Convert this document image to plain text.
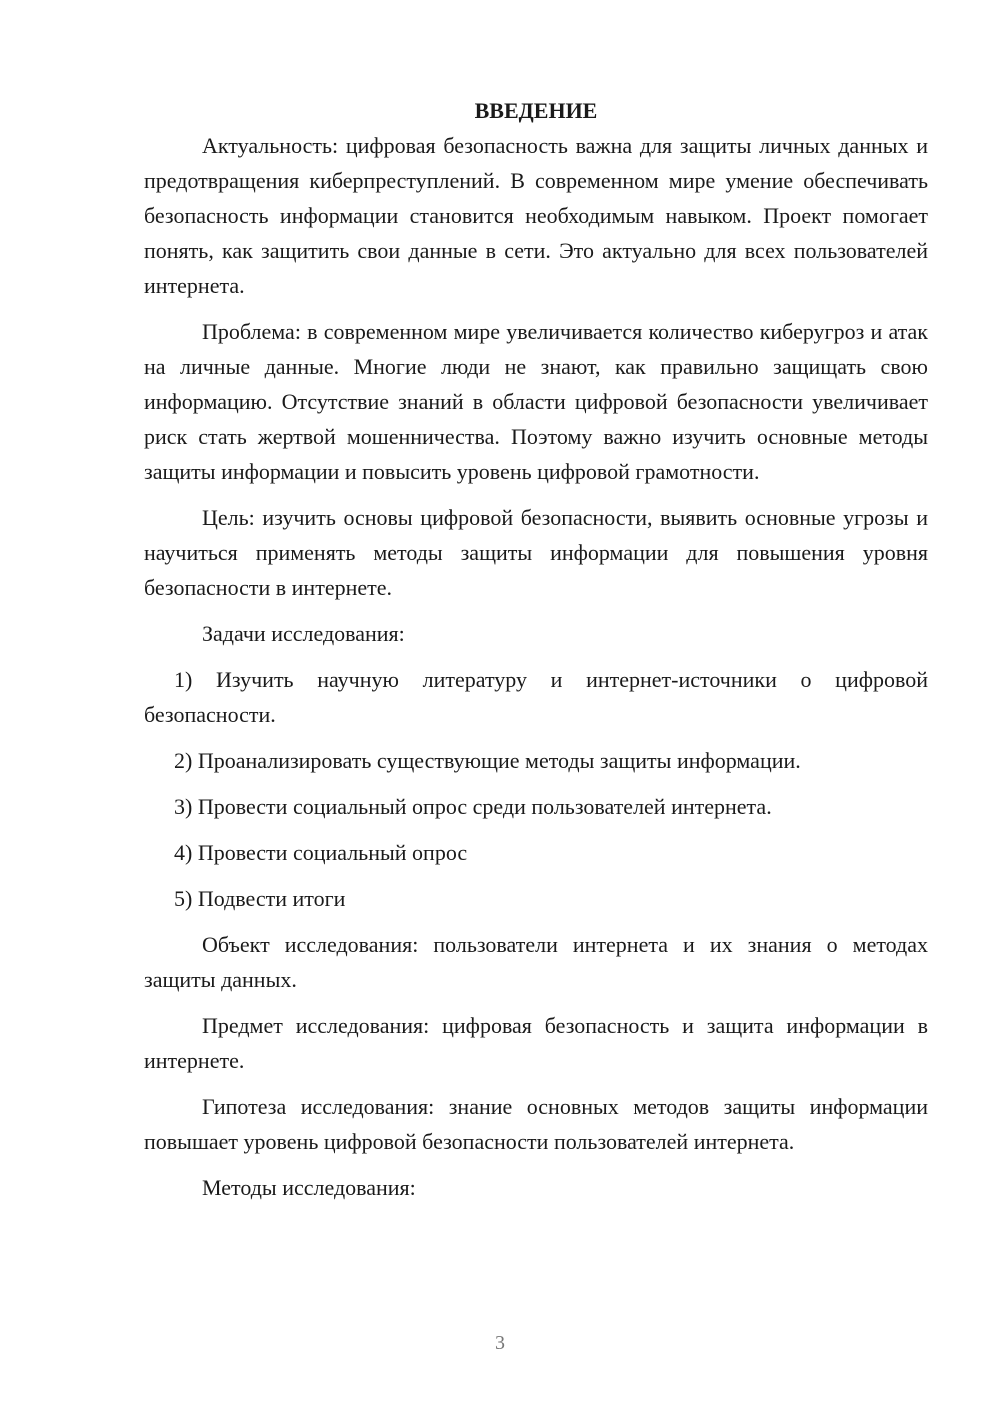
ВВЕДЕНИЕ

Актуальность: цифровая безопасность важна для защиты личных данных и предотвращения киберпреступлений. В современном мире умение обеспечивать безопасность информации становится необходимым навыком. Проект помогает понять, как защитить свои данные в сети. Это актуально для всех пользователей интернета.

Проблема: в современном мире увеличивается количество киберугроз и атак на личные данные. Многие люди не знают, как правильно защищать свою информацию. Отсутствие знаний в области цифровой безопасности увеличивает риск стать жертвой мошенничества. Поэтому важно изучить основные методы защиты информации и повысить уровень цифровой грамотности.

Цель: изучить основы цифровой безопасности, выявить основные угрозы и научиться применять методы защиты информации для повышения уровня безопасности в интернете.

Задачи исследования:

1) Изучить научную литературу и интернет-источники о цифровой безопасности.

2) Проанализировать существующие методы защиты информации.

3) Провести социальный опрос среди пользователей интернета.

4) Провести социальный опрос

5) Подвести итоги

Объект исследования: пользователи интернета и их знания о методах защиты данных.

Предмет исследования: цифровая безопасность и защита информации в интернете.

Гипотеза исследования: знание основных методов защиты информации повышает уровень цифровой безопасности пользователей интернета.

Методы исследования:

3
